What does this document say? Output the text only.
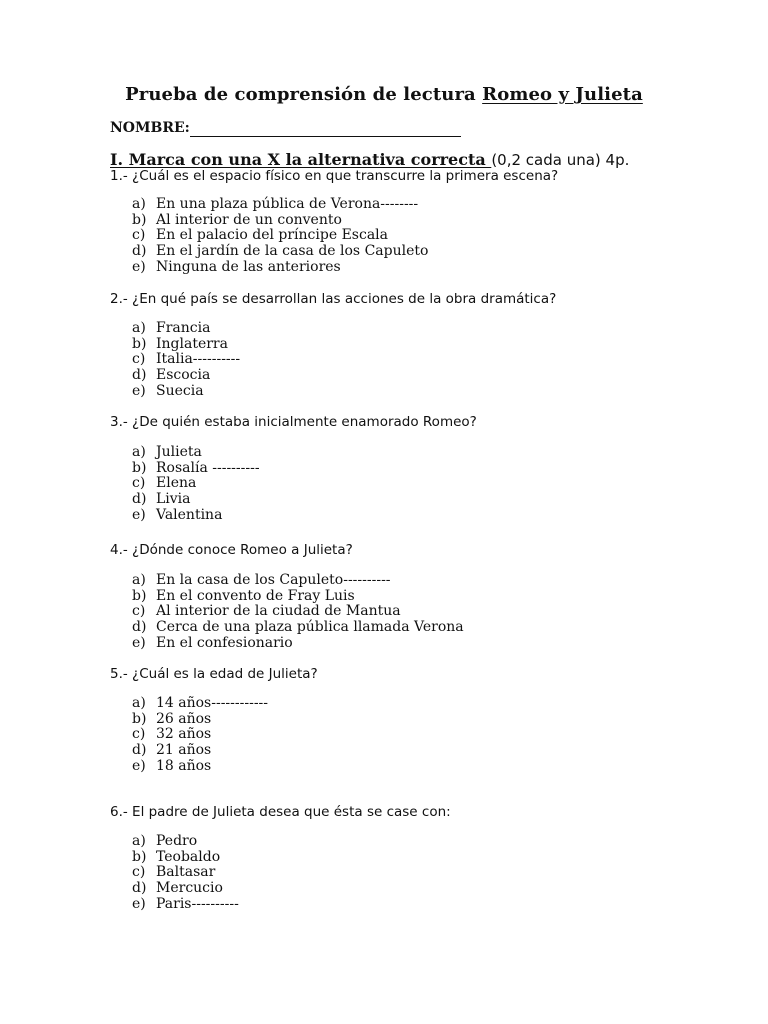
Prueba de comprensión de lectura Romeo y Julieta
NOMBRE:
I. Marca con una X la alternativa correcta (0,2 cada una) 4p.
1.- ¿Cuál es el espacio físico en que transcurre la primera escena?
a) En una plaza pública de Verona--------
b) Al interior de un convento
c) En el palacio del príncipe Escala
d) En el jardín de la casa de los Capuleto
e) Ninguna de las anteriores
2.- ¿En qué país se desarrollan las acciones de la obra dramática?
a) Francia
b) Inglaterra
c) Italia----------
d) Escocia
e) Suecia
3.- ¿De quién estaba inicialmente enamorado Romeo?
a) Julieta
b) Rosalía ----------
c) Elena
d) Livia
e) Valentina
4.- ¿Dónde conoce Romeo a Julieta?
a) En la casa de los Capuleto----------
b) En el convento de Fray Luis
c) Al interior de la ciudad de Mantua
d) Cerca de una plaza pública llamada Verona
e) En el confesionario
5.- ¿Cuál es la edad de Julieta?
a) 14 años------------
b) 26 años
c) 32 años
d) 21 años
e) 18 años
6.- El padre de Julieta desea que ésta se case con:
a) Pedro
b) Teobaldo
c) Baltasar
d) Mercucio
e) Paris----------
